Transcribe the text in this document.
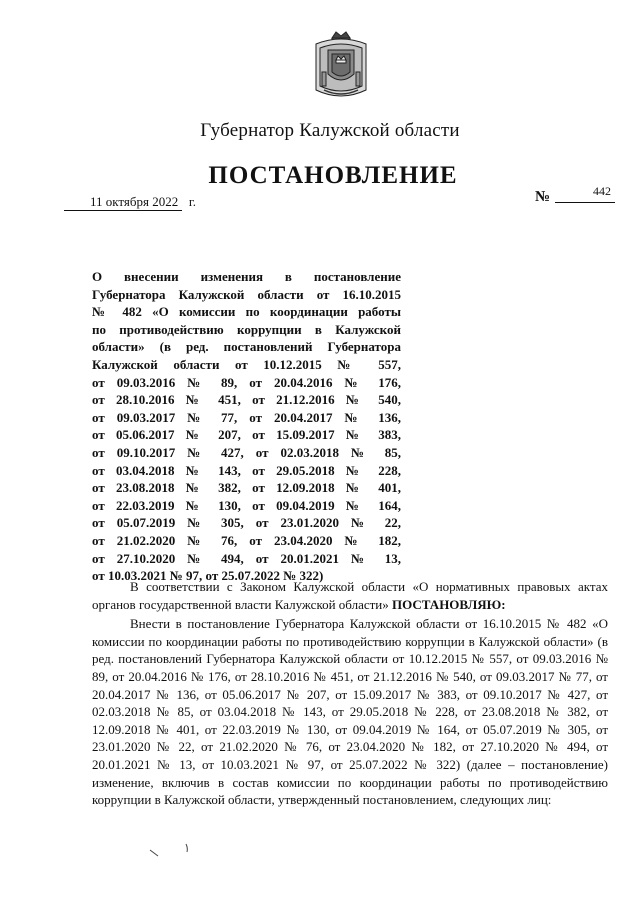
Губернатор Калужской области
ПОСТАНОВЛЕНИЕ
11 октября 2022 г.	№	442
О внесении изменения в постановление
Губернатора Калужской области от 16.10.2015
№ 482 «О комиссии по координации работы
по противодействию коррупции в Калужской
области» (в ред. постановлений Губернатора
Калужской области от 10.12.2015 № 557,
от 09.03.2016 № 89, от 20.04.2016 № 176,
от 28.10.2016 № 451, от 21.12.2016 № 540,
от 09.03.2017 № 77, от 20.04.2017 № 136,
от 05.06.2017 № 207, от 15.09.2017 № 383,
от 09.10.2017 № 427, от 02.03.2018 № 85,
от 03.04.2018 № 143, от 29.05.2018 № 228,
от 23.08.2018 № 382, от 12.09.2018 № 401,
от 22.03.2019 № 130, от 09.04.2019 № 164,
от 05.07.2019 № 305, от 23.01.2020 № 22,
от 21.02.2020 № 76, от 23.04.2020 № 182,
от 27.10.2020 № 494, от 20.01.2021 № 13,
от 10.03.2021 № 97, от 25.07.2022 № 322)

В соответствии с Законом Калужской области «О нормативных правовых актах органов государственной власти Калужской области» ПОСТАНОВЛЯЮ:

Внести в постановление Губернатора Калужской области от 16.10.2015 № 482 «О комиссии по координации работы по противодействию коррупции в Калужской области» (в ред. постановлений Губернатора Калужской области от 10.12.2015 № 557, от 09.03.2016 № 89, от 20.04.2016 № 176, от 28.10.2016 № 451, от 21.12.2016 № 540, от 09.03.2017 № 77, от 20.04.2017 № 136, от 05.06.2017 № 207, от 15.09.2017 № 383, от 09.10.2017 № 427, от 02.03.2018 № 85, от 03.04.2018 № 143, от 29.05.2018 № 228, от 23.08.2018 № 382, от 12.09.2018 № 401, от 22.03.2019 № 130, от 09.04.2019 № 164, от 05.07.2019 № 305, от 23.01.2020 № 22, от 21.02.2020 № 76, от 23.04.2020 № 182, от 27.10.2020 № 494, от 20.01.2021 № 13, от 10.03.2021 № 97, от 25.07.2022 № 322) (далее – постановление) изменение, включив в состав комиссии по координации работы по противодействию коррупции в Калужской области, утвержденный постановлением, следующих лиц:
